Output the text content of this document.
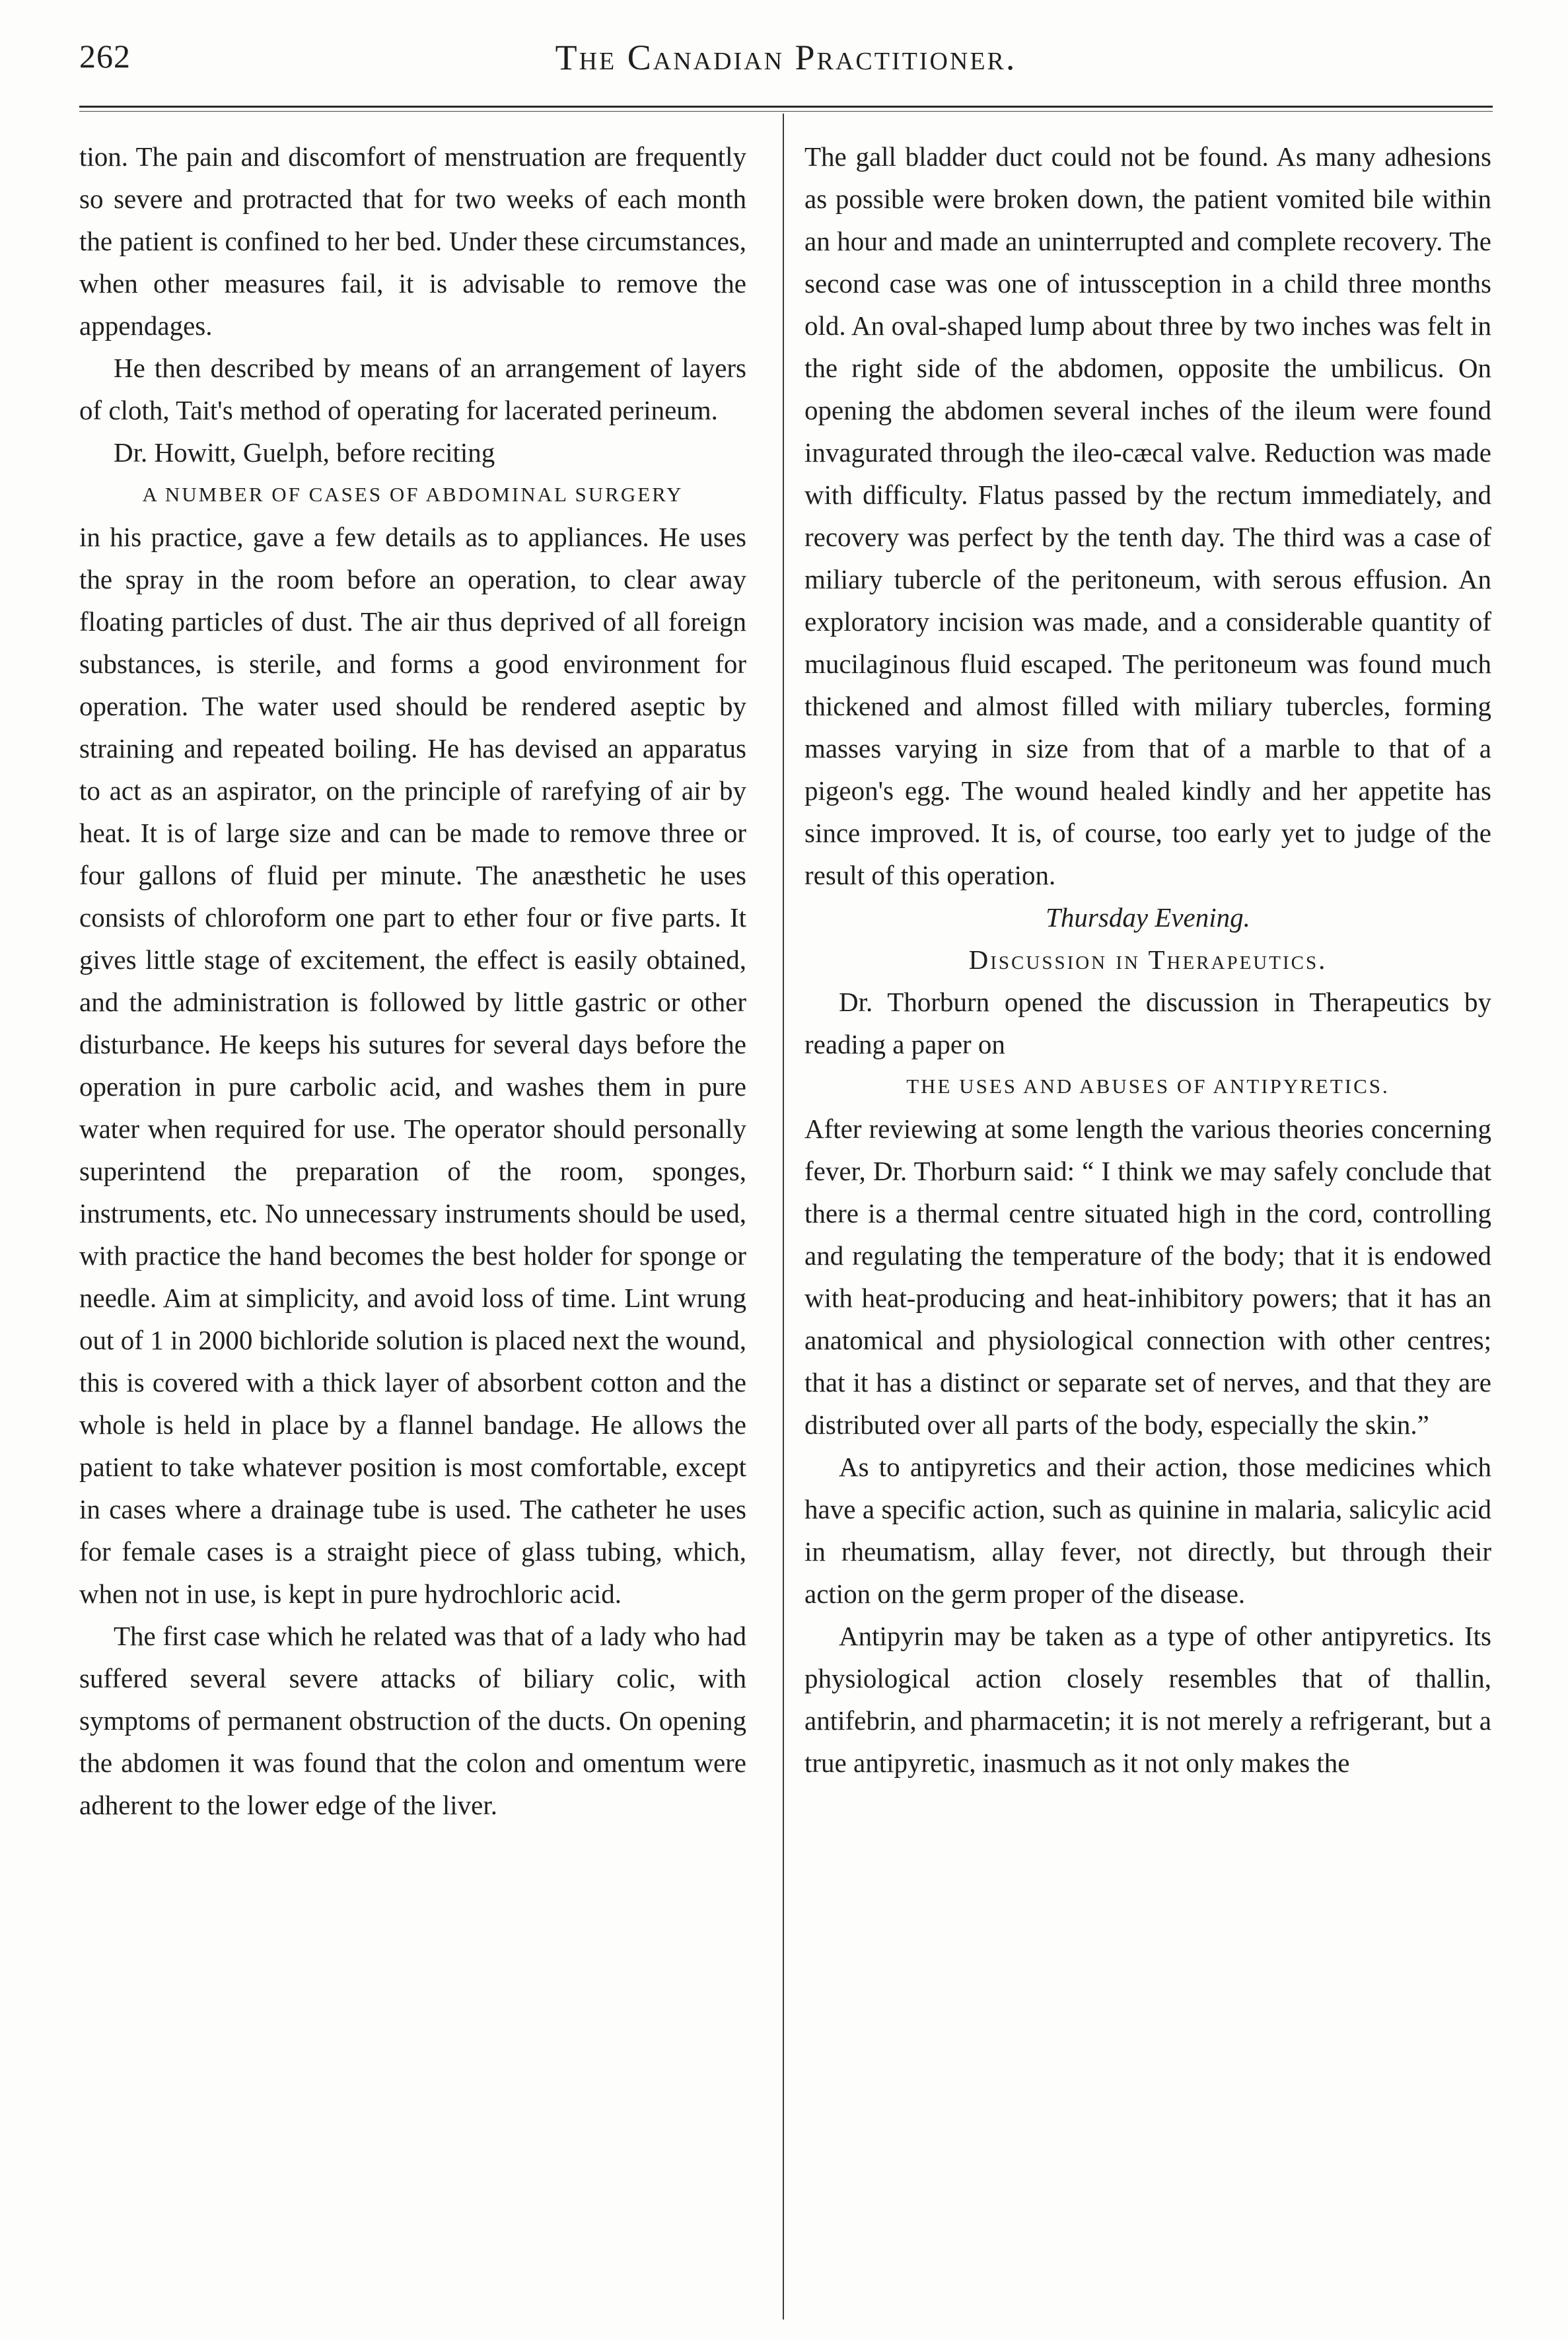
262	The Canadian Practitioner.

tion. The pain and discomfort of menstruation are frequently so severe and protracted that for two weeks of each month the patient is confined to her bed. Under these circumstances, when other measures fail, it is advisable to remove the appendages.

He then described by means of an arrangement of layers of cloth, Tait's method of operating for lacerated perineum.

Dr. Howitt, Guelph, before reciting

A NUMBER OF CASES OF ABDOMINAL SURGERY

in his practice, gave a few details as to appliances. He uses the spray in the room before an operation, to clear away floating particles of dust. The air thus deprived of all foreign substances, is sterile, and forms a good environment for operation. The water used should be rendered aseptic by straining and repeated boiling. He has devised an apparatus to act as an aspirator, on the principle of rarefying of air by heat. It is of large size and can be made to remove three or four gallons of fluid per minute. The anæsthetic he uses consists of chloroform one part to ether four or five parts. It gives little stage of excitement, the effect is easily obtained, and the administration is followed by little gastric or other disturbance. He keeps his sutures for several days before the operation in pure carbolic acid, and washes them in pure water when required for use. The operator should personally superintend the preparation of the room, sponges, instruments, etc. No unnecessary instruments should be used, with practice the hand becomes the best holder for sponge or needle. Aim at simplicity, and avoid loss of time. Lint wrung out of 1 in 2000 bichloride solution is placed next the wound, this is covered with a thick layer of absorbent cotton and the whole is held in place by a flannel bandage. He allows the patient to take whatever position is most comfortable, except in cases where a drainage tube is used. The catheter he uses for female cases is a straight piece of glass tubing, which, when not in use, is kept in pure hydrochloric acid.

The first case which he related was that of a lady who had suffered several severe attacks of biliary colic, with symptoms of permanent obstruction of the ducts. On opening the abdomen it was found that the colon and omentum were adherent to the lower edge of the liver.

The gall bladder duct could not be found. As many adhesions as possible were broken down, the patient vomited bile within an hour and made an uninterrupted and complete recovery. The second case was one of intussception in a child three months old. An oval-shaped lump about three by two inches was felt in the right side of the abdomen, opposite the umbilicus. On opening the abdomen several inches of the ileum were found invagurated through the ileo-cæcal valve. Reduction was made with difficulty. Flatus passed by the rectum immediately, and recovery was perfect by the tenth day. The third was a case of miliary tubercle of the peritoneum, with serous effusion. An exploratory incision was made, and a considerable quantity of mucilaginous fluid escaped. The peritoneum was found much thickened and almost filled with miliary tubercles, forming masses varying in size from that of a marble to that of a pigeon's egg. The wound healed kindly and her appetite has since improved. It is, of course, too early yet to judge of the result of this operation.

Thursday Evening.

Discussion in Therapeutics.

Dr. Thorburn opened the discussion in Therapeutics by reading a paper on

THE USES AND ABUSES OF ANTIPYRETICS.

After reviewing at some length the various theories concerning fever, Dr. Thorburn said: “ I think we may safely conclude that there is a thermal centre situated high in the cord, controlling and regulating the temperature of the body; that it is endowed with heat-producing and heat-inhibitory powers; that it has an anatomical and physiological connection with other centres; that it has a distinct or separate set of nerves, and that they are distributed over all parts of the body, especially the skin.”

As to antipyretics and their action, those medicines which have a specific action, such as quinine in malaria, salicylic acid in rheumatism, allay fever, not directly, but through their action on the germ proper of the disease.

Antipyrin may be taken as a type of other antipyretics. Its physiological action closely resembles that of thallin, antifebrin, and pharmacetin; it is not merely a refrigerant, but a true antipyretic, inasmuch as it not only makes the
